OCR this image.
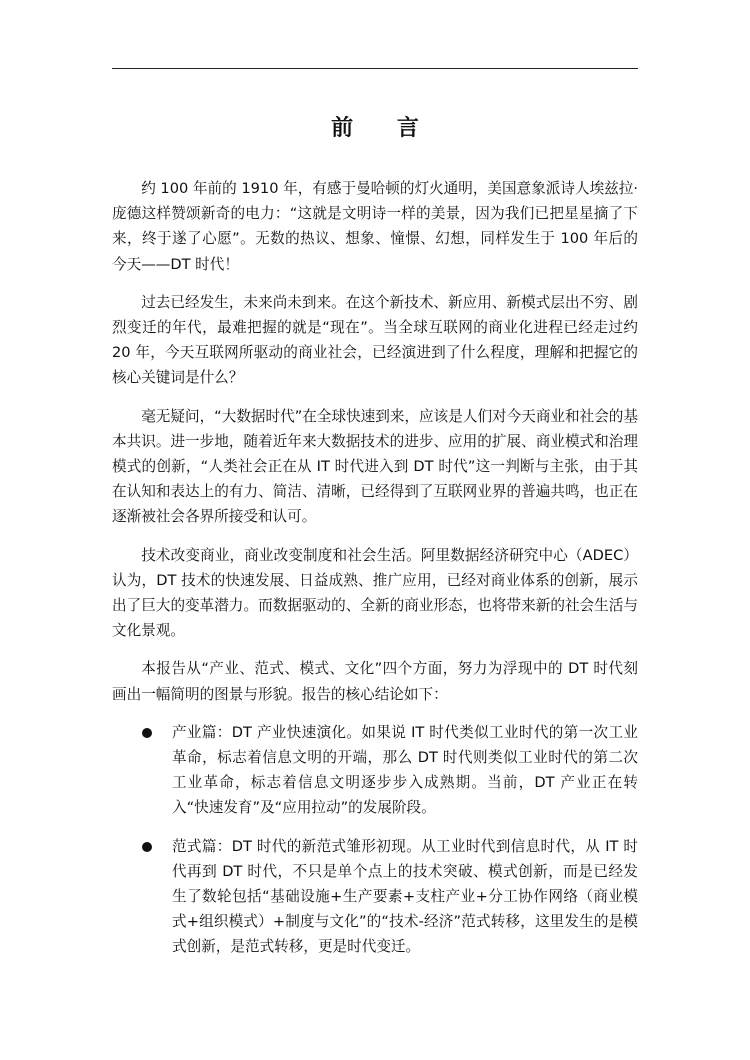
前 言

约 100 年前的 1910 年，有感于曼哈顿的灯火通明，美国意象派诗人埃兹拉·庞德这样赞颂新奇的电力：“这就是文明诗一样的美景，因为我们已把星星摘了下来，终于遂了心愿”。无数的热议、想象、憧憬、幻想，同样发生于 100 年后的今天——DT 时代！

过去已经发生，未来尚未到来。在这个新技术、新应用、新模式层出不穷、剧烈变迁的年代，最难把握的就是“现在”。当全球互联网的商业化进程已经走过约 20 年，今天互联网所驱动的商业社会，已经演进到了什么程度，理解和把握它的核心关键词是什么？

毫无疑问，“大数据时代”在全球快速到来，应该是人们对今天商业和社会的基本共识。进一步地，随着近年来大数据技术的进步、应用的扩展、商业模式和治理模式的创新，“人类社会正在从 IT 时代进入到 DT 时代”这一判断与主张，由于其在认知和表达上的有力、简洁、清晰，已经得到了互联网业界的普遍共鸣，也正在逐渐被社会各界所接受和认可。

技术改变商业，商业改变制度和社会生活。阿里数据经济研究中心（ADEC）认为，DT 技术的快速发展、日益成熟、推广应用，已经对商业体系的创新，展示出了巨大的变革潜力。而数据驱动的、全新的商业形态，也将带来新的社会生活与文化景观。

本报告从“产业、范式、模式、文化”四个方面，努力为浮现中的 DT 时代刻画出一幅简明的图景与形貌。报告的核心结论如下：

产业篇：DT 产业快速演化。如果说 IT 时代类似工业时代的第一次工业革命，标志着信息文明的开端，那么 DT 时代则类似工业时代的第二次工业革命，标志着信息文明逐步步入成熟期。当前，DT 产业正在转入“快速发育”及“应用拉动”的发展阶段。
范式篇：DT 时代的新范式雏形初现。从工业时代到信息时代，从 IT 时代再到 DT 时代，不只是单个点上的技术突破、模式创新，而是已经发生了数轮包括“基础设施+生产要素+支柱产业+分工协作网络（商业模式+组织模式）+制度与文化”的“技术-经济”范式转移，这里发生的是模式创新，是范式转移，更是时代变迁。
